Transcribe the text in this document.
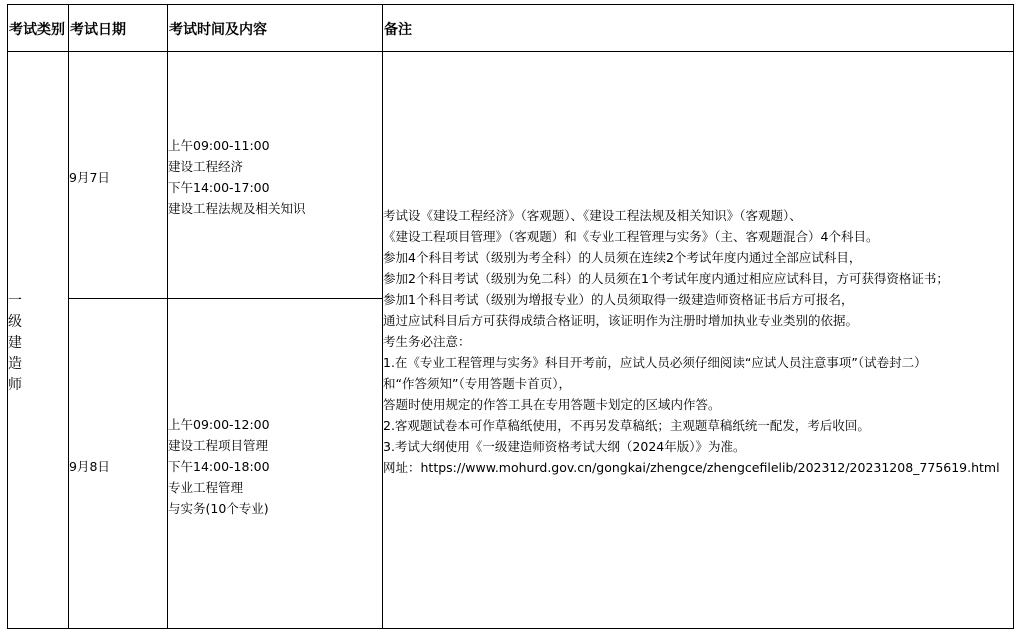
考试类别 考试日期	考试时间及内容	备注
一
级
建
造
师
9月7日
上午09:00-11:00
建设工程经济
下午14:00-17:00
建设工程法规及相关知识
9月8日
上午09:00-12:00
建设工程项目管理
下午14:00-18:00
专业工程管理
与实务(10个专业)
考试设《建设工程经济》（客观题）、《建设工程法规及相关知识》（客观题）、
《建设工程项目管理》（客观题）和《专业工程管理与实务》（主、客观题混合）4个科目。
参加4个科目考试（级别为考全科）的人员须在连续2个考试年度内通过全部应试科目，
参加2个科目考试（级别为免二科）的人员须在1个考试年度内通过相应应试科目，方可获得资格证书；
参加1个科目考试（级别为增报专业）的人员须取得一级建造师资格证书后方可报名，
通过应试科目后方可获得成绩合格证明，该证明作为注册时增加执业专业类别的依据。
考生务必注意：
1.在《专业工程管理与实务》科目开考前，应试人员必须仔细阅读“应试人员注意事项”（试卷封二）
和“作答须知”（专用答题卡首页），
答题时使用规定的作答工具在专用答题卡划定的区域内作答。
2.客观题试卷本可作草稿纸使用，不再另发草稿纸；主观题草稿纸统一配发，考后收回。
3.考试大纲使用《一级建造师资格考试大纲（2024年版）》为准。
网址：https://www.mohurd.gov.cn/gongkai/zhengce/zhengcefilelib/202312/20231208_775619.html
